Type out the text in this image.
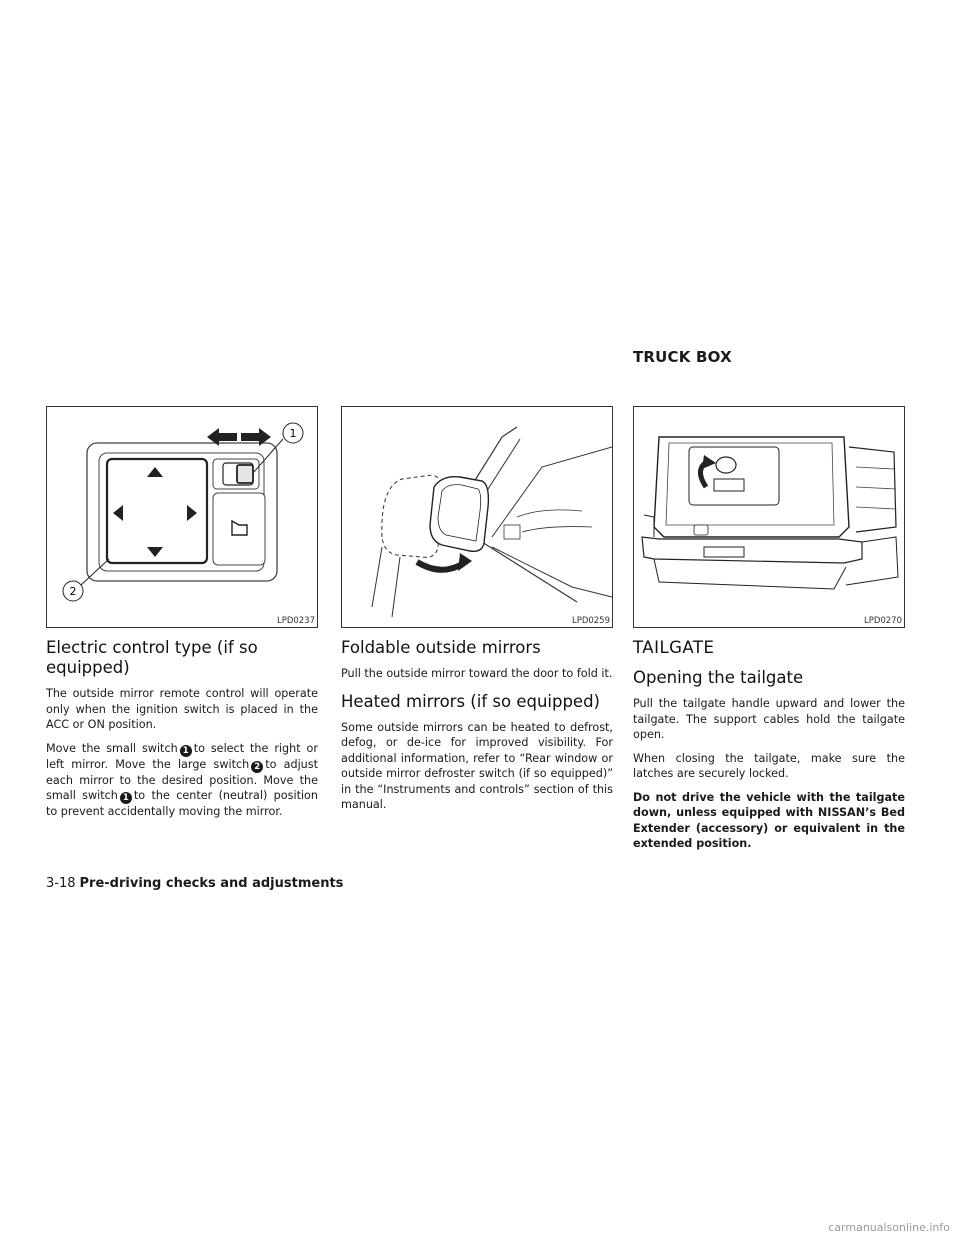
TRUCK BOX
1
2
LPD0237
Electric control type (if so equipped)

The outside mirror remote control will operate only when the ignition switch is placed in the ACC or ON position.

Move the small switch 1 to select the right or left mirror. Move the large switch 2 to adjust each mirror to the desired position. Move the small switch 1 to the center (neutral) position to prevent accidentally moving the mirror.

LPD0259
Foldable outside mirrors

Pull the outside mirror toward the door to fold it.

Heated mirrors (if so equipped)

Some outside mirrors can be heated to defrost, defog, or de-ice for improved visibility. For additional information, refer to “Rear window or outside mirror defroster switch (if so equipped)” in the “Instruments and controls” section of this manual.

LPD0270
TAILGATE
Opening the tailgate

Pull the tailgate handle upward and lower the tailgate. The support cables hold the tailgate open.

When closing the tailgate, make sure the latches are securely locked.

Do not drive the vehicle with the tailgate down, unless equipped with NISSAN’s Bed Extender (accessory) or equivalent in the extended position.

3-18 Pre-driving checks and adjustments
carmanualsonline.info
